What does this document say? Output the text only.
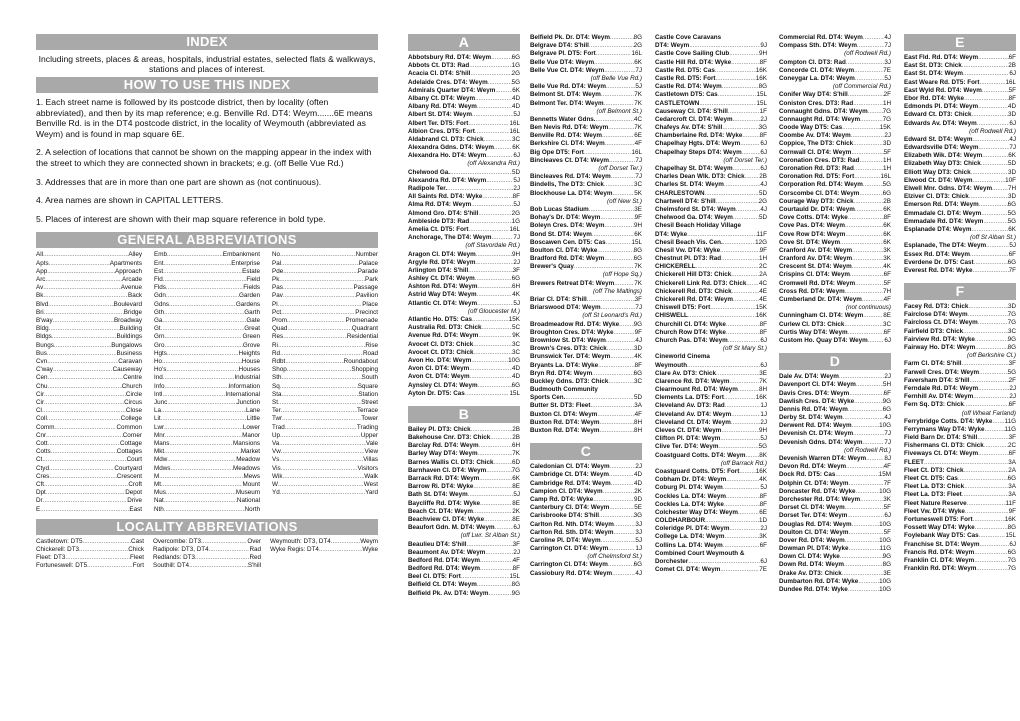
INDEX
Including streets, places & areas, hospitals, industrial estates, selected flats & walkways, stations and places of interest.
HOW TO USE THIS INDEX
1. Each street name is followed by its postcode district, then by locality (often abbreviated), and then by its map reference; e.g. Benville Rd. DT4: Weym.......6E means Benville Rd. is in the DT4 postcode district, in the locality of Weymouth (abbreviated as Weym) and is found in map square 6E.
2. A selection of locations that cannot be shown on the mapping appear in the index with the street to which they are connected shown in brackets; e.g. (off Belle Vue Rd.)
3. Addresses that are in more than one part are shown as (not continuous).
4. Area names are shown in CAPITAL LETTERS.
5. Places of interest are shown with their map square reference in bold type.
GENERAL ABBREVIATIONS
All .....	Alley
Apts .....	Apartments
App .....	Approach
Arc .....	Arcade
Av .....	Avenue
Bk .....	Back
Blvd .....	Boulevard
Bri .....	Bridge
B'way .....	Broadway
Bldg .....	Building
Bldgs .....	Buildings
Bungs .....	Bungalows
Bus .....	Business
Cvn .....	Caravan
C'way .....	Causeway
Cen .....	Centre
Chu .....	Church
Cir .....	Circle
Cir .....	Circus
Cl .....	Close
Coll .....	College
Comm .....	Common
Cnr .....	Corner
Cott .....	Cottage
Cotts .....	Cottages
Ct .....	Court
Ctyd .....	Courtyard
Cres .....	Crescent
Cft .....	Croft
Dpt .....	Depot
Dr .....	Drive
E .....	East
Emb .....	Embankment
Ent .....	Enterprise
Est .....	Estate
Fld .....	Field
Flds .....	Fields
Gdn .....	Garden
Gdns .....	Gardens
Gth .....	Garth
Ga .....	Gate
Gt .....	Great
Grn .....	Green
Gro .....	Grove
Hgts .....	Heights
Ho .....	House
Ho's .....	Houses
Ind .....	Industrial
Info .....	Information
Intl .....	International
Junc .....	Junction
La .....	Lane
Lit .....	Little
Lwr .....	Lower
Mnr .....	Manor
Mans .....	Mansions
Mkt .....	Market
Mdw .....	Meadow
Mdws .....	Meadows
M .....	Mews
Mt .....	Mount
Mus .....	Museum
Nat .....	National
Nth .....	North
No .....	Number
Pal .....	Palace
Pde .....	Parade
Pk .....	Park
Pas .....	Passage
Pav .....	Pavilion
Pl .....	Place
Pct .....	Precinct
Prom .....	Promenade
Quad .....	Quadrant
Res .....	Residential
Ri .....	Rise
Rd .....	Road
Rdbt .....	Roundabout
Shop .....	Shopping
Sth .....	South
Sq .....	Square
Sta .....	Station
St .....	Street
Ter .....	Terrace
Twr .....	Tower
Trad .....	Trading
Up .....	Upper
Va .....	Vale
Vw .....	View
Vs .....	Villas
Vis .....	Visitors
Wik .....	Walk
W .....	West
Yd .....	Yard
LOCALITY ABBREVIATIONS
Castletown: DT5 .....	Cast
Chickerell: DT3 .....	Chick
Fleet: DT3 .....	Fleet
Fortuneswell: DT5 .....	Fort
Overcombe: DT3 .....	Over
Radipole: DT3, DT4 .....	Rad
Redlands: DT3 .....	Red
Southill: DT4 .....	S'hill
Weymouth: DT3, DT4 .....	Weym
Wyke Regis: DT4 .....	Wyke
A
Abbotsbury Rd. DT4: Weym .....	6G
Abbots Ct. DT3: Rad .....	1G
Acacia Cl. DT4: S'hill .....	2G
Adelaide Cres. DT4: Weym .....	5G
Admirals Quarter DT4: Weym .....	6K
Albany Ct. DT4: Weym .....	4D
Albany Rd. DT4: Weym .....	4D
Albert St. DT4: Weym .....	5J
Albert Ter. DT5: Fort .....	16L
Albion Cres. DT5: Fort .....	16L
Aldabrand Cl. DT3: Chick .....	3C
Alexandra Gdns. DT4: Weym .....	6K
Alexandra Ho. DT4: Weym .....	6J
(off Alexandra Rd.)
Chelwood Ga. .....	5D
Alexandra Rd. DT4: Weym .....	5J
Radipole Ter. .....	2J
All Saints Rd. DT4: Wyke .....	8F
Alma Rd. DT4: Weym .....	5J
Almond Gro. DT4: S'hill .....	2G
Ambleside DT3: Rad .....	1G
Amelia Ct. DT5: Fort .....	16L
Anchorage, The DT4: Weym .....	7J
(off Stavordale Rd.)
Aragon Cl. DT4: Weym .....	9H
Argyle Rd. DT4: Weym .....	2J
Arlington DT4: S'hill .....	3F
Ashley Ct. DT4: Weym .....	6G
Ashton Rd. DT4: Weym .....	6H
Astrid Way DT4: Weym .....	4K
Atlantic Ct. DT4: Weym .....	5J
(off Gloucester M.)
Atlantic Ho. DT5: Cas .....	15K
Australia Rd. DT3: Chick .....	5C
Avenue Rd. DT4: Weym .....	9K
Avocet Cl. DT3: Chick .....	3C
Avocet Ct. DT3: Chick .....	3C
Avon Ho. DT4: Weym .....	10G
Avon Cl. DT4: Weym .....	4D
Avon Ct. DT4: Weym .....	4D
Aynsley Cl. DT4: Weym .....	6G
Ayton Dr. DT5: Cas .....	15L
B
Bailey Pl. DT3: Chick .....	2B
Bakehouse Cnr. DT3: Chick .....	2B
Barclay Rd. DT4: Weym .....	6H
Barley Way DT4: Weym .....	7K
Barnes Wallis Cl. DT3: Chick .....	6D
Barnhaven Cl. DT4: Weym .....	7G
Barrack Rd. DT4: Weym .....	6K
Barrow Ri. DT4: Wyke .....	8E
Bath St. DT4: Weym .....	5J
Baycliffe Rd. DT4: Wyke .....	8E
Beach Ct. DT4: Weym .....	2K
Beachview Cl. DT4: Wyke .....	8E
Beaufort Gdn. M. DT4: Weym .....	6J
(off Lwr. St Alban St.)
Beaulieu DT4: S'hill .....	3F
Beaumont Av. DT4: Weym .....	2J
Bedford Rd. DT4: Weym .....	4F
Bedford Rd. DT4: Weym .....	8F
Beel Cl. DT5: Fort .....	15L
Belfield Ct. DT4: Weym .....	8G
Belfield Pk. Av. DT4: Weym .....	9G
Belfield Pk. Dr. DT4: Weym .....	8G
Belgrave DT4: S'hill .....	2G
Belgrave Pl. DT5: Fort .....	16L
Belle Vue DT4: Weym .....	6K
Belle Vue Ct. DT4: Weym .....	7J
(off Belle Vue Rd.)
Belle Vue Rd. DT4: Weym .....	5J
Belmont St. DT4: Weym .....	7K
Belmont Ter. DT4: Weym .....	7K
(off Belmont St.)
Bennetts Water Gdns. .....	4C
Ben Nevis Rd. DT4: Weym .....	7K
Benville Rd. DT4: Weym .....	6E
Berkshire Cl. DT4: Weym .....	4F
Big Ope DT5: Fort .....	16L
Bincleaves Ct. DT4: Weym .....	7J
(off Dorset Ter.)
Bincleaves Rd. DT4: Weym .....	7J
Bindells, The DT3: Chick .....	3C
Blockhouse La. DT4: Weym .....	5K
(off New St.)
Bob Lucas Stadium .....	3E
Bohay's Dr. DT4: Weym .....	9F
Boleyn Cres. DT4: Weym .....	9H
Bond St. DT4: Weym .....	6K
Boscawen Cen. DT5: Cas .....	15L
Boulton Cl. DT4: Wyke .....	8G
Bradford Rd. DT4: Weym .....	6G
Brewer's Quay .....	7K
(off Hope Sq.)
Brewers Retreat DT4: Weym .....	7K
(off The Maltings)
Briar Cl. DT4: S'hill .....	3F
Briarswood DT4: Weym .....	7J
(off St Leonard's Rd.)
Broadmeadow Rd. DT4: Wyke ..... 9G
Broughton Cres. DT4: Wyke .....	9F
Brownlow St. DT4: Weym .....	4J
Brown's Cres. DT3: Chick .....	3D
Brunswick Ter. DT4: Weym .....	4K
Bryants La. DT4: Wyke .....	8F
Bryn Rd. DT4: Weym .....	6G
Buckley Gdns. DT3: Chick .....	3C
Budmouth Community
Sports Cen. .....	5D
Butter St. DT3: Fleet .....	3A
Buxton Cl. DT4: Weym .....	4F
Buxton Rd. DT4: Weym .....	8H
Buxton Rd. DT4: Weym .....	8H
C
Caledonian Cl. DT4: Weym .....	2J
Cambridge Ct. DT4: Weym .....	4D
Cambridge Rd. DT4: Weym .....	4D
Campion Cl. DT4: Weym .....	2K
Camp Rd. DT4: Wyke .....	9D
Canterbury Cl. DT4: Weym .....	5E
Carisbrooke DT4: S'hill .....	3G
Carlton Rd. Nth. DT4: Weym .....	3J
Carlton Rd. Sth. DT4: Weym .....	3J
Caroline Pl. DT4: Weym .....	5J
Carrington Ct. DT4: Weym .....	1J
(off Chelmsford St.)
Carrington Cl. DT4: Weym .....	6G
Cassiobury Rd. DT4: Weym .....	4J
Castle Cove Caravans
DT4: Weym .....	9J
Castle Cove Sailing Club .....	9H
Castle Hill Rd. DT4: Wyke .....	8F
Castle Rd. DT5: Cas .....	16K
Castle Rd. DT5: Fort .....	16K
Castle Rd. DT4: Weym .....	8G
Castletown DT5: Cas .....	15L
CASTLETOWN .....	15L
Causeway Cl. DT4: S'hill .....	1F
Cedarcroft Cl. DT4: Weym .....	2J
Chafeys Av. DT4: S'hill .....	3G
Chamberlaine Rd. DT4: Wyke .....	8F
Chapelhay Hgts. DT4: Weym .....	6J
Chapelhay Steps DT4: Weym .....	6J
(off Dorset Ter.)
Chapelhay St. DT4: Weym .....	6J
Charles Dean Wlk. DT3: Chick ..... 2B
Charles St. DT4: Weym .....	4J
CHARLESTOWN .....	5D
Chartwell DT4: S'hill .....	2G
Chelmsford St. DT4: Weym .....	4J
Chelwood Ga. DT4: Weym .....	5D
Chesil Beach Holiday Village
DT4: Wyke .....	11F
Chesil Beach Vis. Cen. .....	12G
Chesil Vw. DT4: Wyke .....	9F
Chestnut Pl. DT3: Rad .....	1H
CHICKERELL .....	2C
Chickerell Hill DT3: Chick .....	2A
Chickerell Link Rd. DT3: Chick ..... 4C
Chickerell Rd. DT3: Chick .....	4E
Chickerell Rd. DT4: Weym .....	4E
Chiswell DT5: Fort .....	15K
CHISWELL .....	16K
Churchill Cl. DT4: Wyke .....	8F
Church Row DT4: Wyke .....	8F
Church Pas. DT4: Weym .....	6J
(off St Mary St.)
Cineworld Cinema
Weymouth .....	6J
Clare Av. DT3: Chick .....	3E
Clarence Rd. DT4: Weym .....	7K
Clearmount Rd. DT4: Weym .....	8H
Clements La. DT5: Fort .....	16K
Cleveland Av. DT3: Rad .....	1J
Cleveland Av. DT4: Weym .....	1J
Cleveland Ct. DT4: Weym .....	2J
Cleves Ct. DT4: Weym .....	9H
Clifton Pl. DT4: Weym .....	5J
Clive Ter. DT4: Weym .....	5G
Coastguard Cotts. DT4: Weym ..... 8K
(off Barrack Rd.)
Coastguard Cotts. DT5: Fort .....	16K
Cobham Dr. DT4: Weym .....	4K
Coburg Pl. DT4: Weym .....	5J
Cockles La. DT4: Weym .....	8F
Cockles La. DT4: Wyke .....	8F
Colchester Way DT4: Weym .....	6E
COLDHARBOUR .....	1D
Coleridge Pl. DT4: Weym .....	2J
College La. DT4: Weym .....	3K
Collins La. DT4: Weym .....	6F
Combined Court Weymouth &
Dorchester .....	6J
Comet Cl. DT4: Weym .....	7E
Commercial Rd. DT4: Weym .....	4J
Compass Sth. DT4: Weym .....	7J
(off Rodwell Rd.)
Compton Cl. DT3: Rad .....	3J
Concorde Cl. DT4: Weym .....	7E
Coneygar La. DT4: Weym .....	5J
(off Commercial Rd.)
Conifer Way DT4: S'hill .....	2F
Coniston Cres. DT3: Rad .....	1H
Connaught Gdns. DT4: Weym ..... 7G
Connaught Rd. DT4: Weym .....	7G
Coode Way DT5: Cas .....	15K
Coombe Av. DT4: Weym .....	2J
Coppice, The DT3: Chick .....	3D
Cornwall Cl. DT4: Weym .....	5F
Coronation Cres. DT3: Rad .....	1H
Coronation Rd. DT3: Rad .....	1H
Coronation Rd. DT5: Fort .....	16L
Corporation Rd. DT4: Weym .....	5G
Corscombe Cl. DT4: Weym .....	6G
Courage Way DT3: Chick .....	2B
Courtauld Dr. DT4: Weym .....	6K
Cove Cotts. DT4: Wyke .....	8F
Cove Pas. DT4: Weym .....	6K
Cove Row DT4: Weym .....	6K
Cove St. DT4: Weym .....	6K
Cranford Av. DT4: Weym .....	3K
Cranford Av. DT4: Weym .....	3K
Crescent St. DT4: Weym .....	4K
Crispins Cl. DT4: Weym .....	6F
Cromwell Rd. DT4: Weym .....	5F
Cross Rd. DT4: Weym .....	7H
Cumberland Dr. DT4: Weym .....	4F
(not continuous)
Cunningham Cl. DT4: Weym .....	8E
Curlew Cl. DT3: Chick .....	3C
Curtis Way DT4: Weym .....	6F
Custom Ho. Quay DT4: Weym .....	6J
D
Dale Av. DT4: Weym .....	2J
Davenport Cl. DT4: Weym .....	5H
Davis Cres. DT4: Weym .....	6F
Dawlish Cres. DT4: Wyke .....	9G
Dennis Rd. DT4: Weym .....	6G
Derby St. DT4: Weym .....	4J
Derwent Rd. DT4: Weym .....	10G
Devenish Ct. DT4: Weym .....	7J
Devenish Gdns. DT4: Weym .....	7J
(off Rodwell Rd.)
Devenish Warren DT4: Weym .....	8J
Devon Rd. DT4: Weym .....	4F
Dock Rd. DT5: Cas .....	15M
Dolphin Ct. DT4: Weym .....	7F
Doncaster Rd. DT4: Wyke .....	10G
Dorchester Rd. DT4: Weym .....	3K
Dorset Cl. DT4: Weym .....	5F
Dorset Ter. DT4: Weym .....	6J
Douglas Rd. DT4: Weym .....	10G
Doulton Cl. DT4: Weym .....	5F
Dover Rd. DT4: Weym .....	10G
Dowman Pl. DT4: Wyke .....	11G
Down Cl. DT4: Wyke .....	9G
Down Rd. DT4: Weym .....	8G
Drake Av. DT3: Chick .....	3E
Dumbarton Rd. DT4: Wyke .....	10G
Dundee Rd. DT4: Wyke .....	10G
E
East Fld. Rd. DT4: Weym .....	6F
East St. DT3: Chick .....	2B
East St. DT4: Weym .....	6J
East Weare Rd. DT5: Fort .....	16L
East Wyld Rd. DT4: Weym .....	5F
Ebor Rd. DT4: Wyke .....	8F
Edmonds Pl. DT4: Weym .....	4D
Edward Ct. DT3: Chick .....	3D
Edwards Av. DT4: Weym .....	6J
(off Rodwell Rd.)
Edward St. DT4: Weym .....	4J
Edwardsville DT4: Weym .....	7J
Elizabeth Wik. DT4: Weym .....	6K
Elizabeth Way DT3: Chick .....	5D
Elliott Way DT3: Chick .....	3D
Elwood Ct. DT4: Weym .....	10F
Elwell Mnr. Gdns. DT4: Weym .....	7H
Elziver Cl. DT3: Chick .....	3D
Emerson Rd. DT4: Weym .....	6G
Emmadale Cl. DT4: Weym .....	5G
Emmadale Rd. DT4: Weym .....	5G
Esplanade DT4: Weym .....	6K
(off St Alban St.)
Esplanade, The DT4: Weym .....	5J
Essex Rd. DT4: Weym .....	6F
Everdene Dr. DT5: Cast .....	6G
Everest Rd. DT4: Wyke .....	7F
F
Facey Rd. DT3: Chick .....	3D
Fairclose DT4: Weym .....	7G
Faircloss Ct. DT4: Weym .....	7G
Fairfield DT3: Chick .....	3C
Fairview Rd. DT4: Wyke .....	9G
Fairway Ho. DT4: Weym .....	8G
(off Berkshire Cl.)
Farm Cl. DT4: S'hill .....	3F
Farwell Cres. DT4: Weym .....	5G
Faversham DT4: S'hill .....	2F
Ferndale Rd. DT4: Weym .....	2J
Fernhill Av. DT4: Weym .....	2J
Fern Sq. DT3: Chick .....	6F
(off Wheat Farland)
Ferrybridge Cotts. DT4: Wyke ..... 11G
Ferrymans Way DT4: Wyke .....	11G
Field Barn Dr. DT4: S'hill .....	3F
Fishermans Cl. DT3: Chick .....	2C
Fiveways Ct. DT4: Weym .....	6F
FLEET .....	3A
Fleet Ct. DT3: Chick .....	2A
Fleet Ct. DT5: Cas .....	6G
Fleet La. DT3: Chick .....	3A
Fleet La. DT3: Fleet .....	3A
Fleet Nature Reserve .....	11F
Fleet Vw. DT4: Wyke .....	9F
Fortuneswell DT5: Fort .....	16K
Fossett Way DT4: Wyke .....	8G
Foylebank Way DT5: Cas .....	15L
Franchise St. DT4: Weym .....	6J
Francis Rd. DT4: Weym .....	6G
Franklin Cl. DT4: Weym .....	7G
Franklin Rd. DT4: Weym .....	7G
